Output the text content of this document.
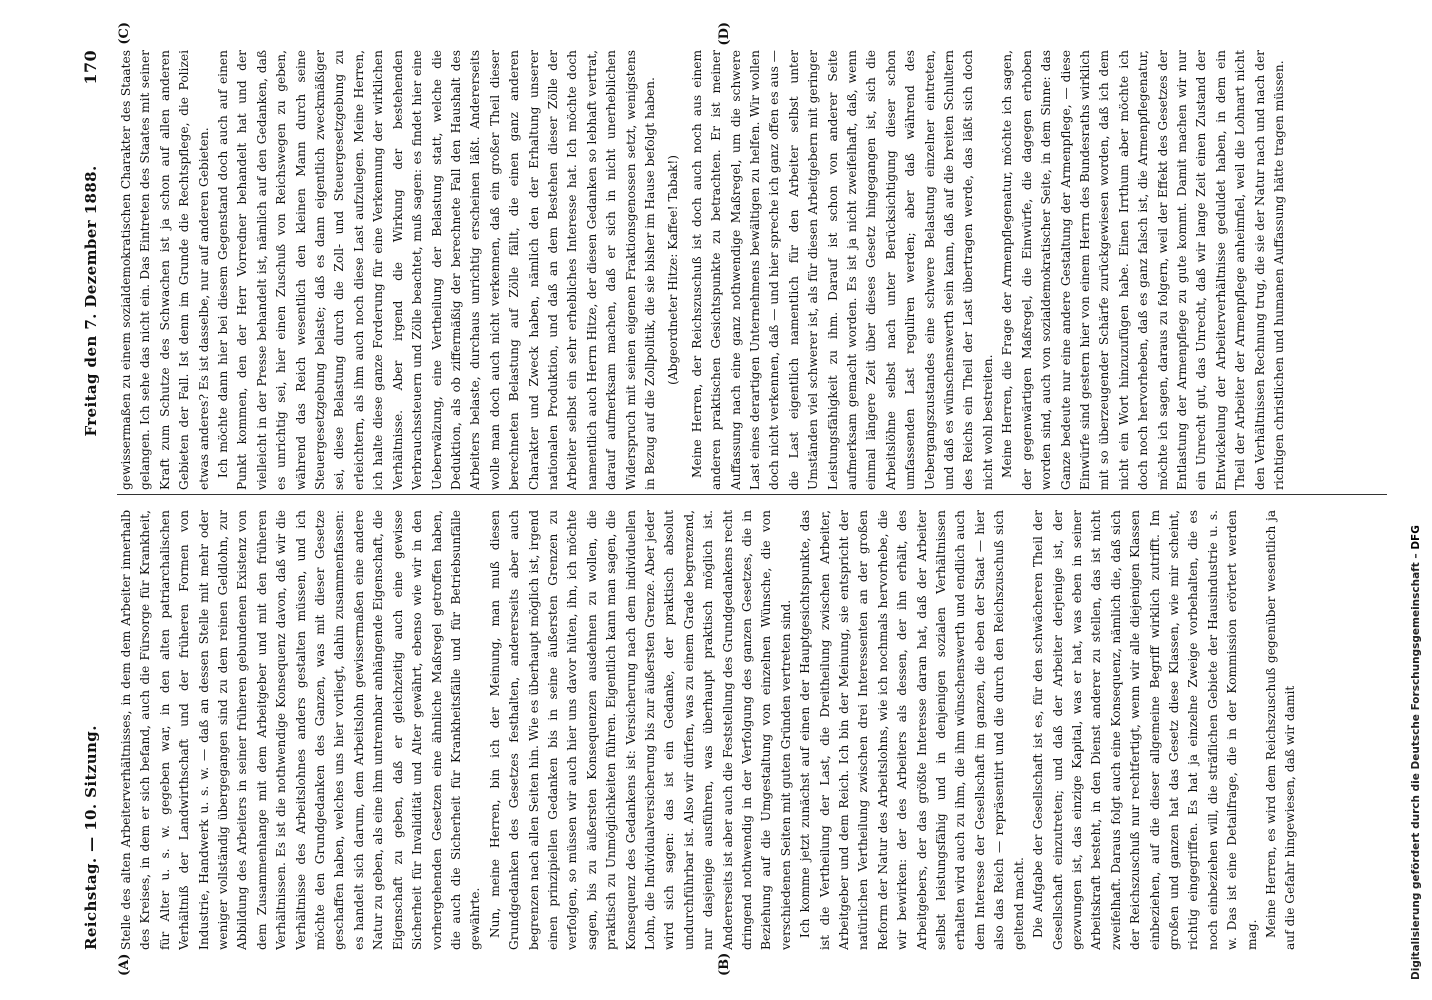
Reichstag. — 10. Sitzung.
Freitag den 7. Dezember 1888.
170
(A)	(B)
(C)	(D)

Stelle des alten Arbeiterverhältnisses, in dem dem Arbeiter innerhalb des Kreises, in dem er sich befand, auch die Fürsorge für Krankheit, für Alter u. s. w. gegeben war, in den alten patriarchalischen Verhältniß der Landwirthschaft und der früheren Formen von Industrie, Handwerk u. s. w. — daß an dessen Stelle mit mehr oder weniger vollständig übergegangen sind zu dem reinen Geldlohn, zur Abbildung des Arbeiters in seiner früheren gebundenen Existenz von dem Zusammenhange mit dem Arbeitgeber und mit den früheren Verhältnissen. Es ist die nothwendige Konsequenz davon, daß wir die Verhältnisse des Arbeitslohnes anders gestalten müssen, und ich möchte den Grundgedanken des Ganzen, was mit dieser Gesetze geschaffen haben, welches uns hier vorliegt, dahin zusammenfassen: es handelt sich darum, dem Arbeitslohn gewissermaßen eine andere Natur zu geben, als eine ihm untrennbar anhängende Eigenschaft, die Eigenschaft zu geben, daß er gleichzeitig auch eine gewisse Sicherheit für Invalidität und Alter gewährt, ebenso wie wir in den vorhergehenden Gesetzen eine ähnliche Maßregel getroffen haben, die auch die Sicherheit für Krankheitsfälle und für Betriebsunfälle gewährte. Nun, meine Herren, bin ich der Meinung, man muß diesen Grundgedanken des Gesetzes festhalten, andererseits aber auch begrenzen nach allen Seiten hin. Wie es überhaupt möglich ist, irgend einen prinzipiellen Gedanken bis in seine äußersten Grenzen zu verfolgen, so müssen wir auch hier uns davor hüten, ihn, ich möchte sagen, bis zu äußersten Konsequenzen ausdehnen zu wollen, die praktisch zu Unmöglichkeiten führen. Eigentlich kann man sagen, die Konsequenz des Gedankens ist: Versicherung nach dem individuellen Lohn, die Individualversicherung bis zur äußersten Grenze. Aber jeder wird sich sagen: das ist ein Gedanke, der praktisch absolut undurchführbar ist. Also wir dürfen, was zu einem Grade begrenzend, nur dasjenige ausführen, was überhaupt praktisch möglich ist. Andererseits ist aber auch die Feststellung des Grundgedankens recht dringend nothwendig in der Verfolgung des ganzen Gesetzes, die in Beziehung auf die Umgestaltung von einzelnen Wünsche, die von verschiedenen Seiten mit guten Gründen vertreten sind. Ich komme jetzt zunächst auf einen der Hauptgesichtspunkte, das ist die Vertheilung der Last, die Dreitheilung zwischen Arbeiter, Arbeitgeber und dem Reich. Ich bin der Meinung, sie entspricht der natürlichen Vertheilung zwischen drei Interessenten an der großen Reform der Natur des Arbeitslohns, wie ich nochmals hervorhebe, die wir bewirken: der des Arbeiters als dessen, der ihn erhält, des Arbeitgebers, der das größte Interesse daran hat, daß der Arbeiter selbst leistungsfähig und in denjenigen sozialen Verhältnissen erhalten wird auch zu ihm, die ihm wünschenswerth und endlich auch dem Interesse der Gesellschaft im ganzen, die eben der Staat — hier also das Reich — repräsentirt und die durch den Reichszuschuß sich geltend macht. Die Aufgabe der Gesellschaft ist es, für den schwächeren Theil der Gesellschaft einzutreten; und daß der Arbeiter derjenige ist, der gezwungen ist, das einzige Kapital, was er hat, was eben in seiner Arbeitskraft besteht, in den Dienst anderer zu stellen, das ist nicht zweifelhaft. Daraus folgt auch eine Konsequenz, nämlich die, daß sich der Reichszuschuß nur rechtfertigt, wenn wir alle diejenigen Klassen einbeziehen, auf die dieser allgemeine Begriff wirklich zutrifft. Im großen und ganzen hat das Gesetz diese Klassen, wie mir scheint, richtig eingegriffen. Es hat ja einzelne Zweige vorbehalten, die es noch einbeziehen will, die sträflichen Gebiete der Hausindustrie u. s. w. Das ist eine Detailfrage, die in der Kommission erörtert werden mag. Meine Herren, es wird dem Reichszuschuß gegenüber wesentlich ja auf die Gefahr hingewiesen, daß wir damit

gewissermaßen zu einem sozialdemokratischen Charakter des Staates gelangen. Ich sehe das nicht ein. Das Eintreten des Staates mit seiner Kraft zum Schutze des Schwachen ist ja schon auf allen anderen Gebieten der Fall. Ist denn im Grunde die Rechtspflege, die Polizei etwas anderes? Es ist dasselbe, nur auf anderen Gebieten. Ich möchte dann hier bei diesem Gegenstand doch auch auf einen Punkt kommen, den der Herr Vorredner behandelt hat und der vielleicht in der Presse behandelt ist, nämlich auf den Gedanken, daß es unrichtig sei, hier einen Zuschuß von Reichswegen zu geben, während das Reich wesentlich den kleinen Mann durch seine Steuergesetzgebung belaste; daß es dann eigentlich zweckmäßiger sei, diese Belastung durch die Zoll- und Steuergesetzgebung zu erleichtern, als ihm auch noch diese Last aufzulegen. Meine Herren, ich halte diese ganze Forderung für eine Verkennung der wirklichen Verhältnisse. Aber irgend die Wirkung der bestehenden Verbrauchssteuern und Zölle beachtet, muß sagen: es findet hier eine Ueberwälzung, eine Vertheilung der Belastung statt, welche die Deduktion, als ob ziffermäßig der berechnete Fall den Haushalt des Arbeiters belaste, durchaus unrichtig erscheinen läßt. Andererseits wolle man doch auch nicht verkennen, daß ein großer Theil dieser berechneten Belastung auf Zölle fällt, die einen ganz anderen Charakter und Zweck haben, nämlich den der Erhaltung unserer nationalen Produktion, und daß an dem Bestehen dieser Zölle der Arbeiter selbst ein sehr erhebliches Interesse hat. Ich möchte doch namentlich auch Herrn Hitze, der diesen Gedanken so lebhaft vertrat, darauf aufmerksam machen, daß er sich in nicht unerheblichen Widerspruch mit seinen eigenen Fraktionsgenossen setzt, wenigstens in Bezug auf die Zollpolitik, die sie bisher im Hause befolgt haben. (Abgeordneter Hitze: Kaffee! Tabak!) Meine Herren, der Reichszuschuß ist doch auch noch aus einem anderen praktischen Gesichtspunkte zu betrachten. Er ist meiner Auffassung nach eine ganz nothwendige Maßregel, um die schwere Last eines derartigen Unternehmens bewältigen zu helfen. Wir wollen doch nicht verkennen, daß — und hier spreche ich ganz offen es aus — die Last eigentlich namentlich für den Arbeiter selbst unter Umständen viel schwerer ist, als für diesen Arbeitgebern mit geringer Leistungsfähigkeit zu ihm. Darauf ist schon von anderer Seite aufmerksam gemacht worden. Es ist ja nicht zweifelhaft, daß, wenn einmal längere Zeit über dieses Gesetz hingegangen ist, sich die Arbeitslöhne selbst nach unter Berücksichtigung dieser schon umfassenden Last reguliren werden; aber daß während des Uebergangszustandes eine schwere Belastung einzelner eintreten, und daß es wünschenswerth sein kann, daß auf die breiten Schultern des Reichs ein Theil der Last übertragen werde, das läßt sich doch nicht wohl bestreiten. Meine Herren, die Frage der Armenpflegenatur, möchte ich sagen, der gegenwärtigen Maßregel, die Einwürfe, die dagegen erhoben worden sind, auch von sozialdemokratischer Seite, in dem Sinne: das Ganze bedeute nur eine andere Gestaltung der Armenpflege, — diese Einwürfe sind gestern hier von einem Herrn des Bundesraths wirklich mit so überzeugender Schärfe zurückgewiesen worden, daß ich dem nicht ein Wort hinzuzufügen habe. Einen Irrthum aber möchte ich doch noch hervorheben, daß es ganz falsch ist, die Armenpflegenatur, möchte ich sagen, daraus zu folgern, weil der Effekt des Gesetzes der Entlastung der Armenpflege zu gute kommt. Damit machen wir nur ein Unrecht gut, das Unrecht, daß wir lange Zeit einen Zustand der Entwickelung der Arbeiterverhältnisse geduldet haben, in dem ein Theil der Arbeiter der Armenpflege anheimfiel, weil die Lohnart nicht den Verhältnissen Rechnung trug, die sie der Natur nach und nach der richtigen christlichen und humanen Auffassung hätte tragen müssen.

Digitalisierung gefördert durch die Deutsche Forschungsgemeinschaft – DFG
